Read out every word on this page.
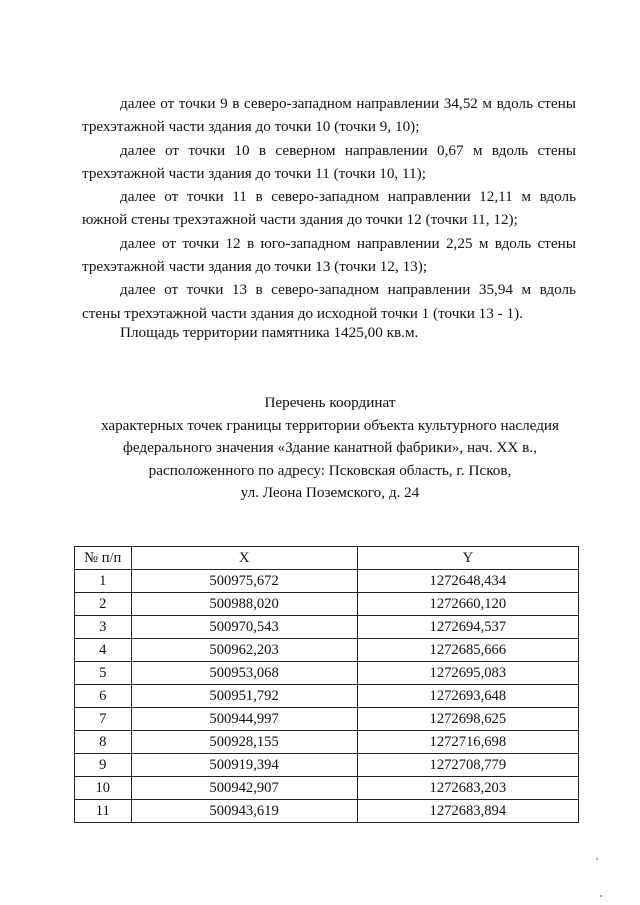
далее от точки 9 в северо-западном направлении 34,52 м вдоль стены трехэтажной части здания до точки 10 (точки 9, 10);

далее от точки 10 в северном направлении 0,67 м вдоль стены трехэтажной части здания до точки 11 (точки 10, 11);

далее от точки 11 в северо-западном направлении 12,11 м вдоль южной стены трехэтажной части здания до точки 12 (точки 11, 12);

далее от точки 12 в юго-западном направлении 2,25 м вдоль стены трехэтажной части здания до точки 13 (точки 12, 13);

далее от точки 13 в северо-западном направлении 35,94 м вдоль стены трехэтажной части здания до исходной точки 1 (точки 13 - 1).

Площадь территории памятника 1425,00 кв.м.

Перечень координат
характерных точек границы территории объекта культурного наследия
федерального значения «Здание канатной фабрики», нач. XX в.,
расположенного по адресу: Псковская область, г. Псков,
ул. Леона Поземского, д. 24
№ п/п	X	Y
1	500975,672	1272648,434
2	500988,020	1272660,120
3	500970,543	1272694,537
4	500962,203	1272685,666
5	500953,068	1272695,083
6	500951,792	1272693,648
7	500944,997	1272698,625
8	500928,155	1272716,698
9	500919,394	1272708,779
10	500942,907	1272683,203
11	500943,619	1272683,894
